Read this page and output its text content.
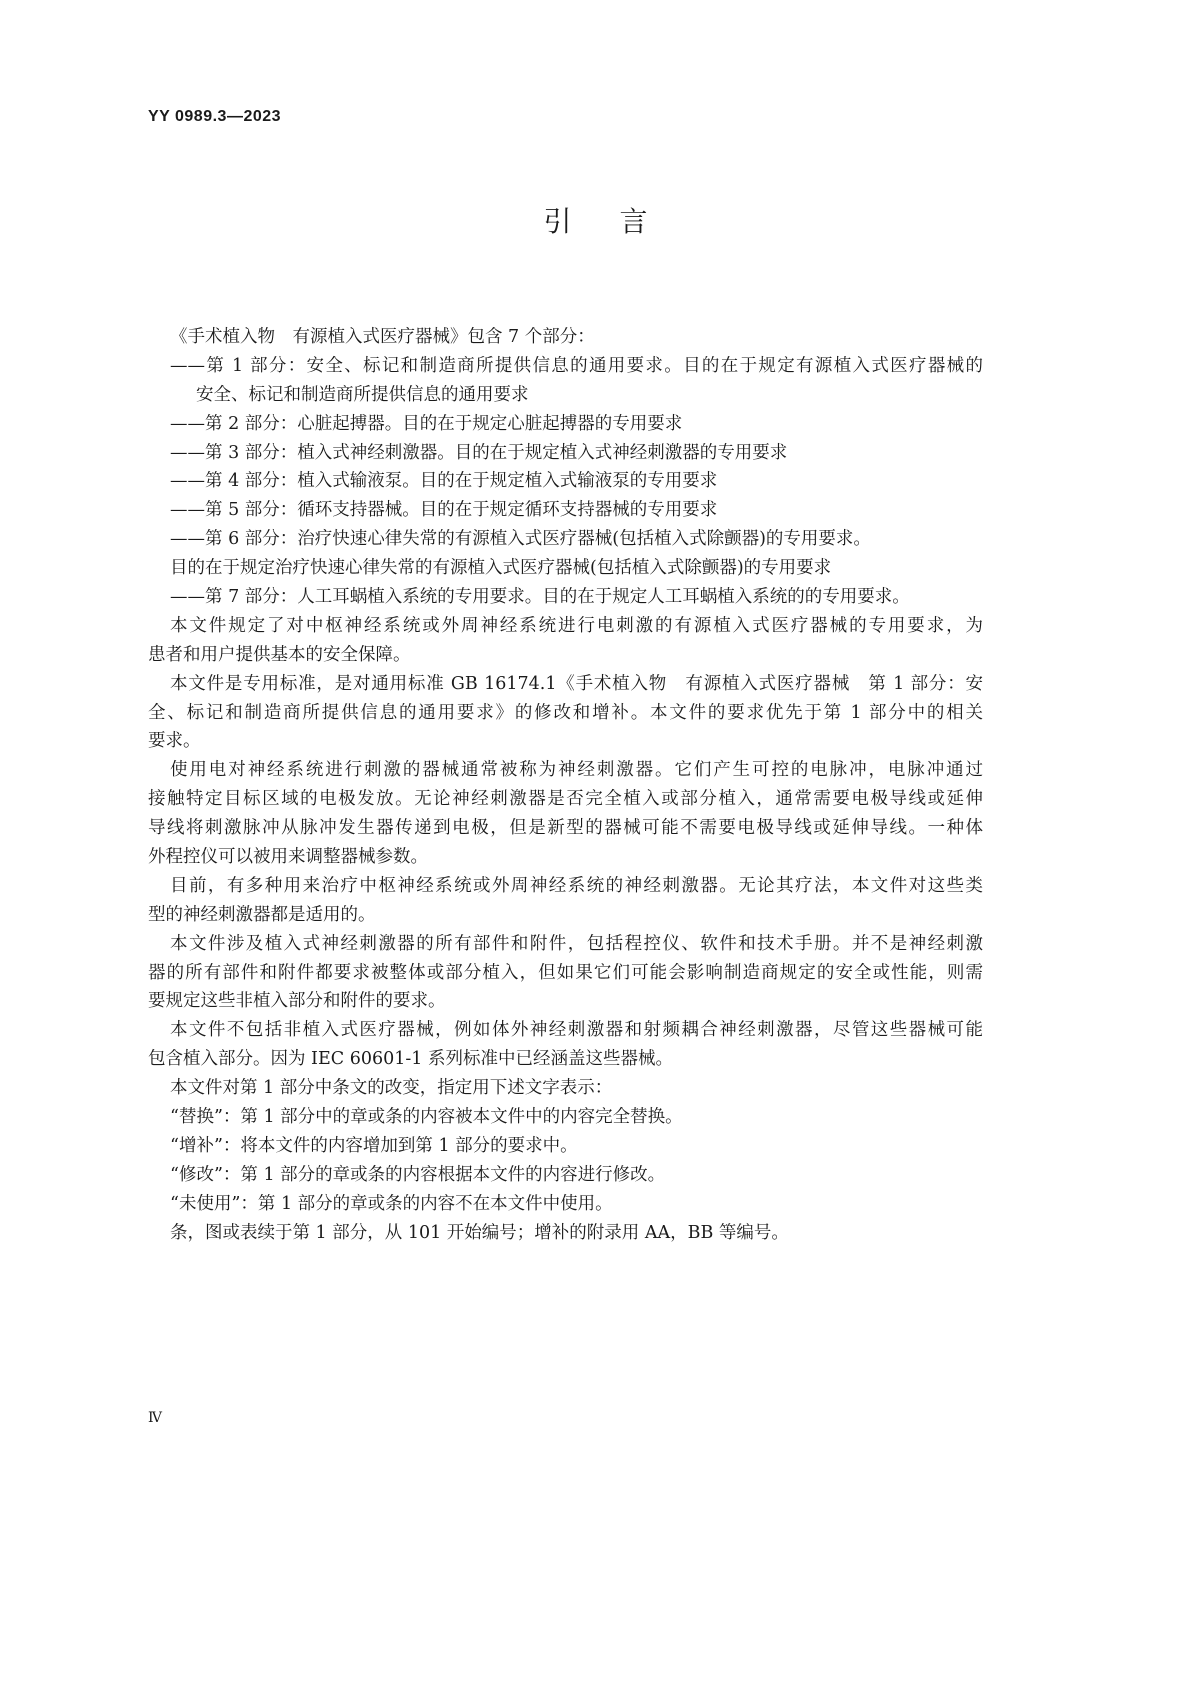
YY 0989.3—2023
引言
《手术植入物　有源植入式医疗器械》包含 7 个部分：
——第 1 部分：安全、标记和制造商所提供信息的通用要求。目的在于规定有源植入式医疗器械的
安全、标记和制造商所提供信息的通用要求
——第 2 部分：心脏起搏器。目的在于规定心脏起搏器的专用要求
——第 3 部分：植入式神经刺激器。目的在于规定植入式神经刺激器的专用要求
——第 4 部分：植入式输液泵。目的在于规定植入式输液泵的专用要求
——第 5 部分：循环支持器械。目的在于规定循环支持器械的专用要求
——第 6 部分：治疗快速心律失常的有源植入式医疗器械(包括植入式除颤器)的专用要求。
目的在于规定治疗快速心律失常的有源植入式医疗器械(包括植入式除颤器)的专用要求
——第 7 部分：人工耳蜗植入系统的专用要求。目的在于规定人工耳蜗植入系统的的专用要求。
本文件规定了对中枢神经系统或外周神经系统进行电刺激的有源植入式医疗器械的专用要求，为
患者和用户提供基本的安全保障。
本文件是专用标准，是对通用标准 GB 16174.1《手术植入物　有源植入式医疗器械　第 1 部分：安
全、标记和制造商所提供信息的通用要求》的修改和增补。本文件的要求优先于第 1 部分中的相关
要求。
使用电对神经系统进行刺激的器械通常被称为神经刺激器。它们产生可控的电脉冲，电脉冲通过
接触特定目标区域的电极发放。无论神经刺激器是否完全植入或部分植入，通常需要电极导线或延伸
导线将刺激脉冲从脉冲发生器传递到电极，但是新型的器械可能不需要电极导线或延伸导线。一种体
外程控仪可以被用来调整器械参数。
目前，有多种用来治疗中枢神经系统或外周神经系统的神经刺激器。无论其疗法，本文件对这些类
型的神经刺激器都是适用的。
本文件涉及植入式神经刺激器的所有部件和附件，包括程控仪、软件和技术手册。并不是神经刺激
器的所有部件和附件都要求被整体或部分植入，但如果它们可能会影响制造商规定的安全或性能，则需
要规定这些非植入部分和附件的要求。
本文件不包括非植入式医疗器械，例如体外神经刺激器和射频耦合神经刺激器，尽管这些器械可能
包含植入部分。因为 IEC 60601-1 系列标准中已经涵盖这些器械。
本文件对第 1 部分中条文的改变，指定用下述文字表示：
“替换”：第 1 部分中的章或条的内容被本文件中的内容完全替换。
“增补”：将本文件的内容增加到第 1 部分的要求中。
“修改”：第 1 部分的章或条的内容根据本文件的内容进行修改。
“未使用”：第 1 部分的章或条的内容不在本文件中使用。
条，图或表续于第 1 部分，从 101 开始编号；增补的附录用 AA，BB 等编号。
Ⅳ
